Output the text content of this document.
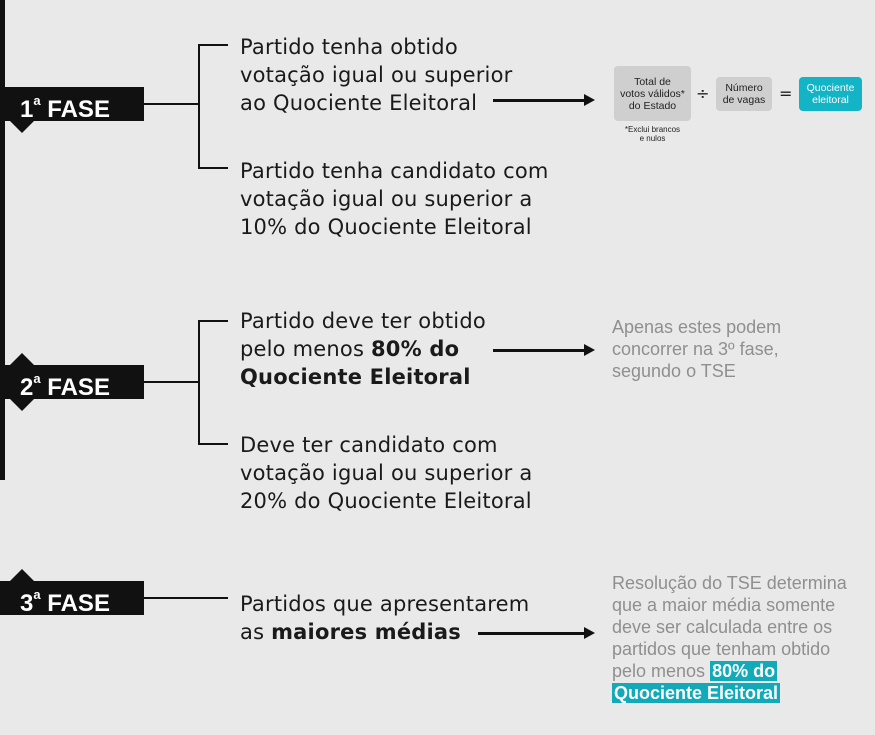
1$^a$ FASE
Partido tenha obtido
votação igual ou superior
ao Quociente Eleitoral
Total de
votos válidos*
do Estado
*Exclui brancos
e nulos
÷ Número
de vagas = Quociente
eleitoral
Partido tenha candidato com
votação igual ou superior a
10% do Quociente Eleitoral
2$^a$ FASE
Partido deve ter obtido
pelo menos 80% do
Quociente Eleitoral
Apenas estes podem
concorrer na 3º fase,
segundo o TSE
Deve ter candidato com
votação igual ou superior a
20% do Quociente Eleitoral
3$^a$ FASE	Partidos que apresentarem
as maiores médias
Resolução do TSE determina
que a maior média somente
deve ser calculada entre os
partidos que tenham obtido
pelo menos 80% do
Quociente Eleitoral
